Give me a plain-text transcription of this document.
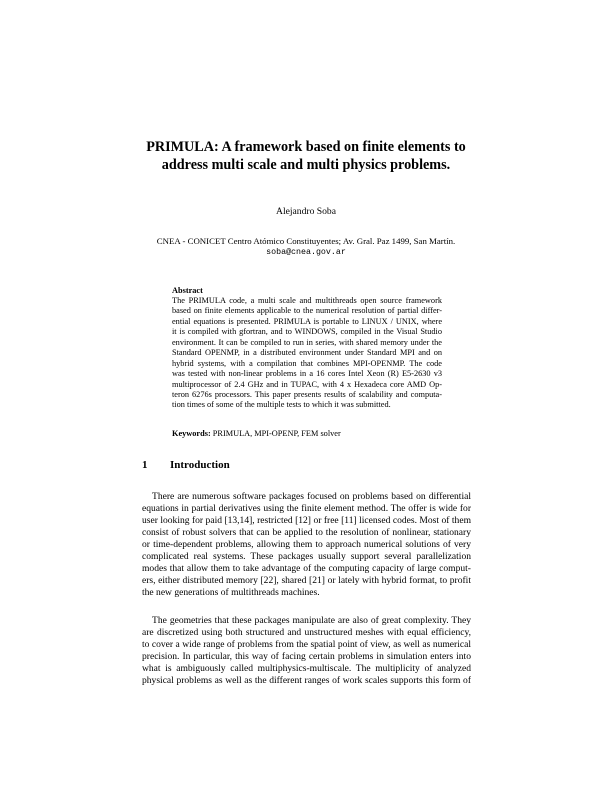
PRIMULA: A framework based on finite elements to
address multi scale and multi physics problems.
Alejandro Soba
CNEA - CONICET Centro Atómico Constituyentes; Av. Gral. Paz 1499, San Martín.
soba@cnea.gov.ar
Abstract
The PRIMULA code, a multi scale and multithreads open source framework
based on finite elements applicable to the numerical resolution of partial differ-
ential equations is presented. PRIMULA is portable to LINUX / UNIX, where
it is compiled with gfortran, and to WINDOWS, compiled in the Visual Studio
environment. It can be compiled to run in series, with shared memory under the
Standard OPENMP, in a distributed environment under Standard MPI and on
hybrid systems, with a compilation that combines MPI-OPENMP. The code
was tested with non-linear problems in a 16 cores Intel Xeon (R) E5-2630 v3
multiprocessor of 2.4 GHz and in TUPAC, with 4 x Hexadeca core AMD Op-
teron 6276s processors. This paper presents results of scalability and computa-
tion times of some of the multiple tests to which it was submitted.
Keywords: PRIMULA, MPI-OPENP, FEM solver
1 Introduction
There are numerous software packages focused on problems based on differential
equations in partial derivatives using the finite element method. The offer is wide for
user looking for paid [13,14], restricted [12] or free [11] licensed codes. Most of them
consist of robust solvers that can be applied to the resolution of nonlinear, stationary
or time-dependent problems, allowing them to approach numerical solutions of very
complicated real systems. These packages usually support several parallelization
modes that allow them to take advantage of the computing capacity of large comput-
ers, either distributed memory [22], shared [21] or lately with hybrid format, to profit
the new generations of multithreads machines.
The geometries that these packages manipulate are also of great complexity. They
are discretized using both structured and unstructured meshes with equal efficiency,
to cover a wide range of problems from the spatial point of view, as well as numerical
precision. In particular, this way of facing certain problems in simulation enters into
what is ambiguously called multiphysics-multiscale. The multiplicity of analyzed
physical problems as well as the different ranges of work scales supports this form of
